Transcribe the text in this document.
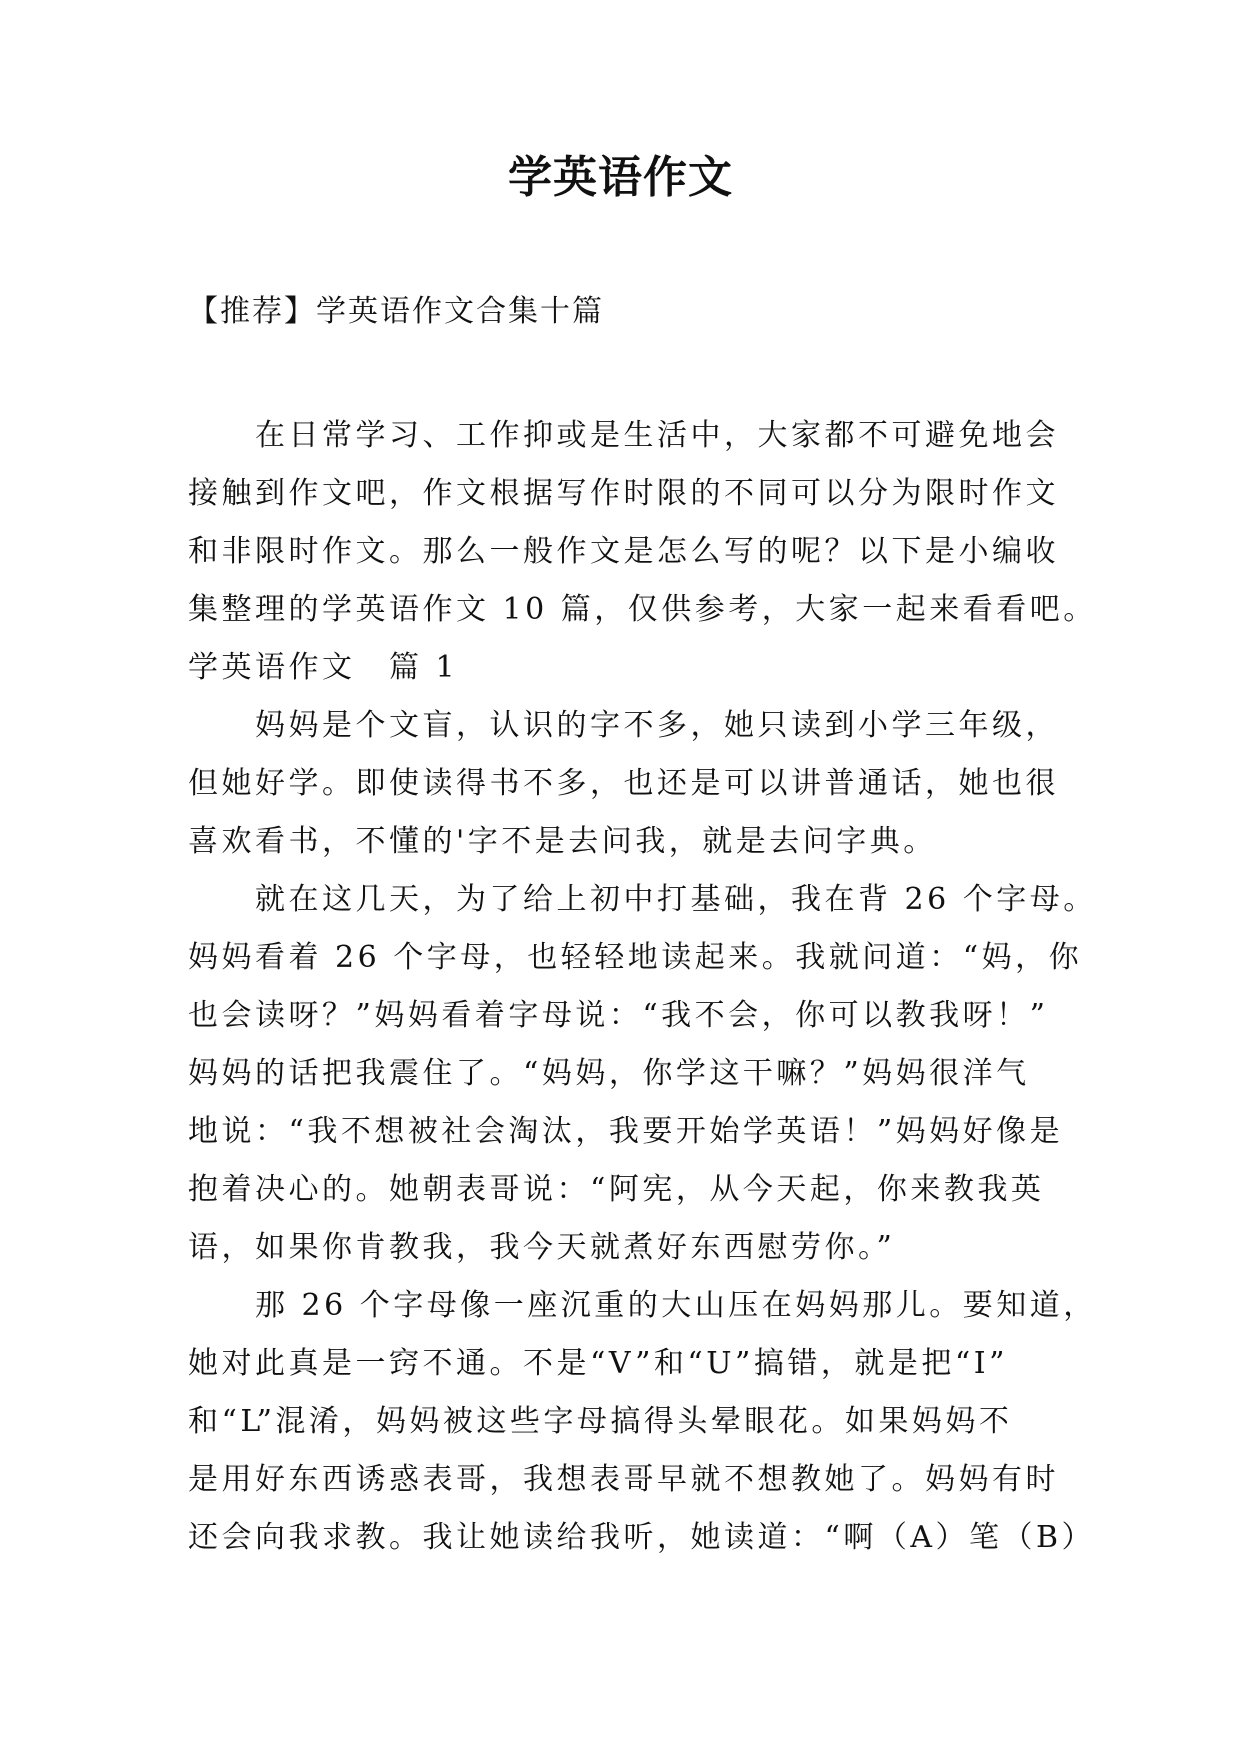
学英语作文
【推荐】学英语作文合集十篇
　　在日常学习、工作抑或是生活中，大家都不可避免地会
接触到作文吧，作文根据写作时限的不同可以分为限时作文
和非限时作文。那么一般作文是怎么写的呢？以下是小编收
集整理的学英语作文 10 篇，仅供参考，大家一起来看看吧。
学英语作文　篇 1
　　妈妈是个文盲，认识的字不多，她只读到小学三年级，
但她好学。即使读得书不多，也还是可以讲普通话，她也很
喜欢看书，不懂的'字不是去问我，就是去问字典。
　　就在这几天，为了给上初中打基础，我在背 26 个字母。
妈妈看着 26 个字母，也轻轻地读起来。我就问道：“妈，你
也会读呀？”妈妈看着字母说：“我不会，你可以教我呀！”
妈妈的话把我震住了。“妈妈，你学这干嘛？”妈妈很洋气
地说：“我不想被社会淘汰，我要开始学英语！”妈妈好像是
抱着决心的。她朝表哥说：“阿宪，从今天起，你来教我英
语，如果你肯教我，我今天就煮好东西慰劳你。”
　　那 26 个字母像一座沉重的大山压在妈妈那儿。要知道，
她对此真是一窍不通。不是“V”和“U”搞错，就是把“I”
和“L”混淆，妈妈被这些字母搞得头晕眼花。如果妈妈不
是用好东西诱惑表哥，我想表哥早就不想教她了。妈妈有时
还会向我求教。我让她读给我听，她读道：“啊（A）笔（B）
